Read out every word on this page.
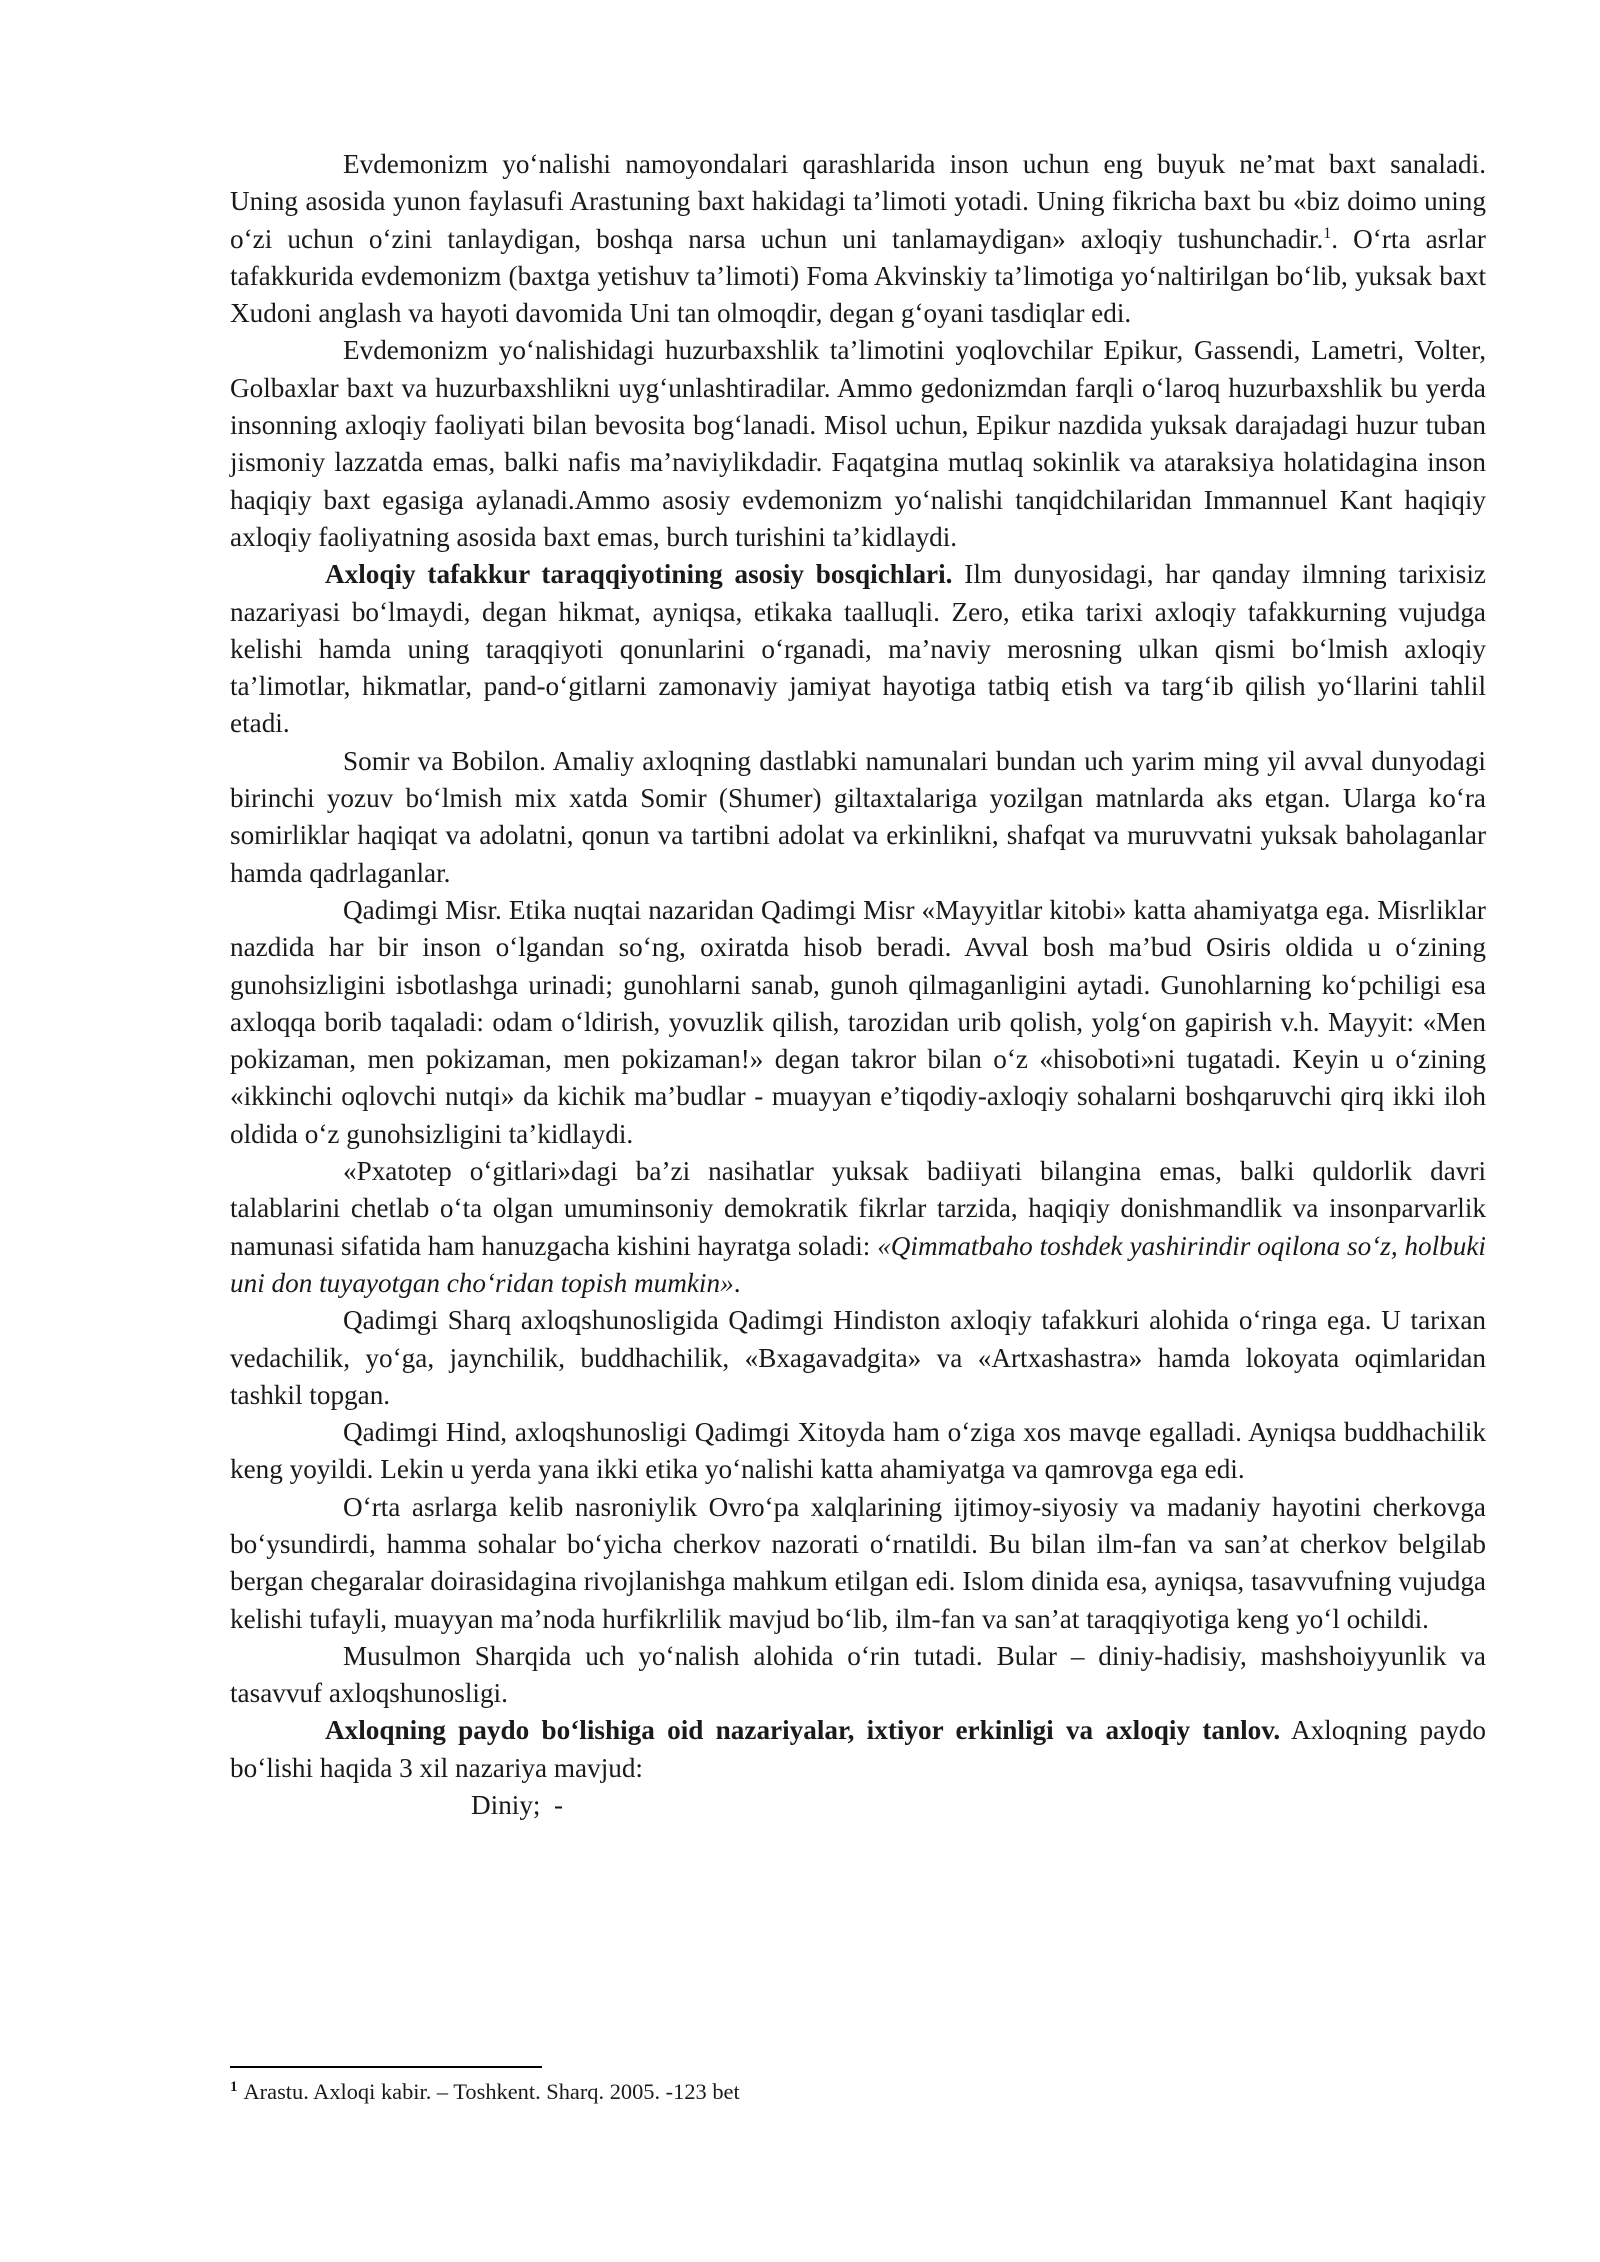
Evdemonizm yo‘nalishi namoyondalari qarashlarida inson uchun eng buyuk ne’mat baxt sanaladi. Uning asosida yunon faylasufi Arastuning baxt hakidagi ta’limoti yotadi. Uning fikricha baxt bu «biz doimo uning o‘zi uchun o‘zini tanlaydigan, boshqa narsa uchun uni tanlamaydigan» axloqiy tushunchadir.$^1$. O‘rta asrlar tafakkurida evdemonizm (baxtga yetishuv ta’limoti) Foma Akvinskiy ta’limotiga yo‘naltirilgan bo‘lib, yuksak baxt Xudoni anglash va hayoti davomida Uni tan olmoqdir, degan g‘oyani tasdiqlar edi.

Evdemonizm yo‘nalishidagi huzurbaxshlik ta’limotini yoqlovchilar Epikur, Gassendi, Lametri, Volter, Golbaxlar baxt va huzurbaxshlikni uyg‘unlashtiradilar. Ammo gedonizmdan farqli o‘laroq huzurbaxshlik bu yerda insonning axloqiy faoliyati bilan bevosita bog‘lanadi. Misol uchun, Epikur nazdida yuksak darajadagi huzur tuban jismoniy lazzatda emas, balki nafis ma’naviylikdadir. Faqatgina mutlaq sokinlik va ataraksiya holatidagina inson haqiqiy baxt egasiga aylanadi.Ammo asosiy evdemonizm yo‘nalishi tanqidchilaridan Immannuel Kant haqiqiy axloqiy faoliyatning asosida baxt emas, burch turishini ta’kidlaydi.

Axloqiy tafakkur taraqqiyotining asosiy bosqichlari. Ilm dunyosidagi, har qanday ilmning tarixisiz nazariyasi bo‘lmaydi, degan hikmat, ayniqsa, etikaka taalluqli. Zero, etika tarixi axloqiy tafakkurning vujudga kelishi hamda uning taraqqiyoti qonunlarini o‘rganadi, ma’naviy merosning ulkan qismi bo‘lmish axloqiy ta’limotlar, hikmatlar, pand-o‘gitlarni zamonaviy jamiyat hayotiga tatbiq etish va targ‘ib qilish yo‘llarini tahlil etadi.

Somir va Bobilon. Amaliy axloqning dastlabki namunalari bundan uch yarim ming yil avval dunyodagi birinchi yozuv bo‘lmish mix xatda Somir (Shumer) giltaxtalariga yozilgan matnlarda aks etgan. Ularga ko‘ra somirliklar haqiqat va adolatni, qonun va tartibni adolat va erkinlikni, shafqat va muruvvatni yuksak baholaganlar hamda qadrlaganlar.

Qadimgi Misr. Etika nuqtai nazaridan Qadimgi Misr «Mayyitlar kitobi» katta ahamiyatga ega. Misrliklar nazdida har bir inson o‘lgandan so‘ng, oxiratda hisob beradi. Avval bosh ma’bud Osiris oldida u o‘zining gunohsizligini isbotlashga urinadi; gunohlarni sanab, gunoh qilmaganligini aytadi. Gunohlarning ko‘pchiligi esa axloqqa borib taqaladi: odam o‘ldirish, yovuzlik qilish, tarozidan urib qolish, yolg‘on gapirish v.h. Mayyit: «Men pokizaman, men pokizaman, men pokizaman!» degan takror bilan o‘z «hisoboti»ni tugatadi. Keyin u o‘zining «ikkinchi oqlovchi nutqi» da kichik ma’budlar - muayyan e’tiqodiy-axloqiy sohalarni boshqaruvchi qirq ikki iloh oldida o‘z gunohsizligini ta’kidlaydi.

«Pxatotep o‘gitlari»dagi ba’zi nasihatlar yuksak badiiyati bilangina emas, balki quldorlik davri talablarini chetlab o‘ta olgan umuminsoniy demokratik fikrlar tarzida, haqiqiy donishmandlik va insonparvarlik namunasi sifatida ham hanuzgacha kishini hayratga soladi: «Qimmatbaho toshdek yashirindir oqilona so‘z, holbuki uni don tuyayotgan cho‘ridan topish mumkin».

Qadimgi Sharq axloqshunosligida Qadimgi Hindiston axloqiy tafakkuri alohida o‘ringa ega. U tarixan vedachilik, yo‘ga, jaynchilik, buddhachilik, «Bxagavadgita» va «Artxashastra» hamda lokoyata oqimlaridan tashkil topgan.

Qadimgi Hind, axloqshunosligi Qadimgi Xitoyda ham o‘ziga xos mavqe egalladi. Ayniqsa buddhachilik keng yoyildi. Lekin u yerda yana ikki etika yo‘nalishi katta ahamiyatga va qamrovga ega edi.

O‘rta asrlarga kelib nasroniylik Ovro‘pa xalqlarining ijtimoy-siyosiy va madaniy hayotini cherkovga bo‘ysundirdi, hamma sohalar bo‘yicha cherkov nazorati o‘rnatildi. Bu bilan ilm-fan va san’at cherkov belgilab bergan chegaralar doirasidagina rivojlanishga mahkum etilgan edi. Islom dinida esa, ayniqsa, tasavvufning vujudga kelishi tufayli, muayyan ma’noda hurfikrlilik mavjud bo‘lib, ilm-fan va san’at taraqqiyotiga keng yo‘l ochildi.

Musulmon Sharqida uch yo‘nalish alohida o‘rin tutadi. Bular – diniy-hadisiy, mashshoiyyunlik va tasavvuf axloqshunosligi.

Axloqning paydo bo‘lishiga oid nazariyalar, ixtiyor erkinligi va axloqiy tanlov. Axloqning paydo bo‘lishi haqida 3 xil nazariya mavjud:

-Diniy;

$^1$ Arastu. Axloqi kabir. – Toshkent. Sharq. 2005. -123 bet
